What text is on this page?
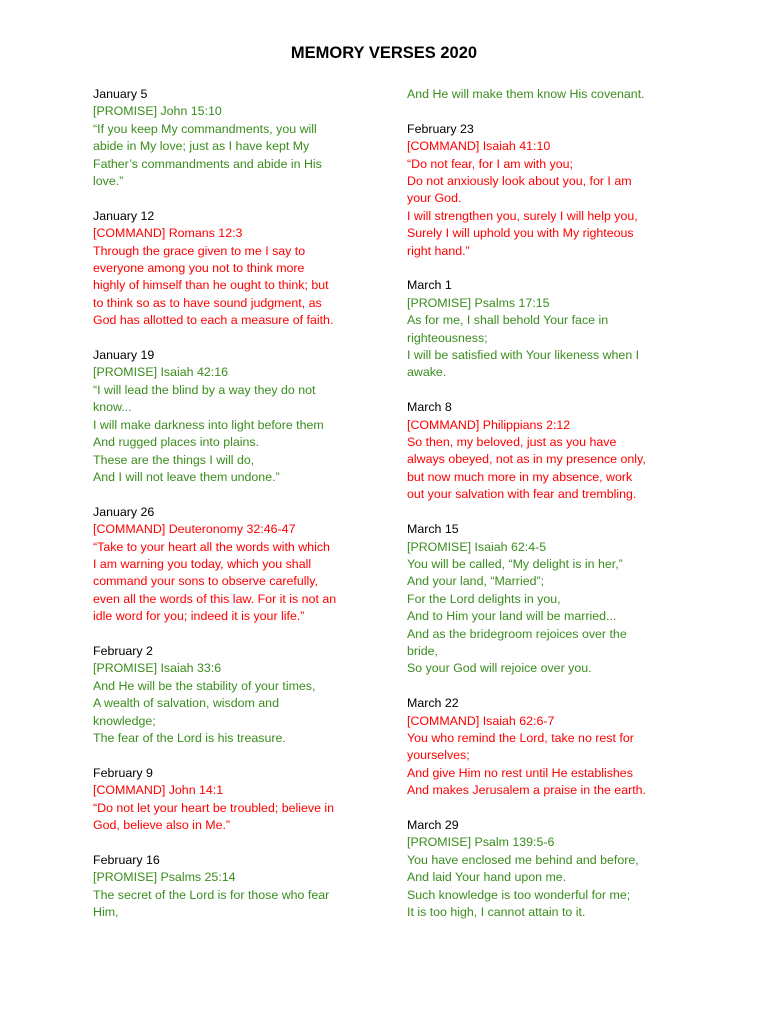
MEMORY VERSES 2020
January 5
[PROMISE] John 15:10
“If you keep My commandments, you will
abide in My love; just as I have kept My
Father’s commandments and abide in His
love.”
January 12
[COMMAND] Romans 12:3
Through the grace given to me I say to
everyone among you not to think more
highly of himself than he ought to think; but
to think so as to have sound judgment, as
God has allotted to each a measure of faith.
January 19
[PROMISE] Isaiah 42:16
“I will lead the blind by a way they do not
know...
I will make darkness into light before them
And rugged places into plains.
These are the things I will do,
And I will not leave them undone.”
January 26
[COMMAND] Deuteronomy 32:46-47
“Take to your heart all the words with which
I am warning you today, which you shall
command your sons to observe carefully,
even all the words of this law. For it is not an
idle word for you; indeed it is your life.”
February 2
[PROMISE] Isaiah 33:6
And He will be the stability of your times,
A wealth of salvation, wisdom and
knowledge;
The fear of the Lord is his treasure.
February 9
[COMMAND] John 14:1
“Do not let your heart be troubled; believe in
God, believe also in Me.”
February 16
[PROMISE] Psalms 25:14
The secret of the Lord is for those who fear
Him,
And He will make them know His covenant.
February 23
[COMMAND] Isaiah 41:10
“Do not fear, for I am with you;
Do not anxiously look about you, for I am
your God.
I will strengthen you, surely I will help you,
Surely I will uphold you with My righteous
right hand.”
March 1
[PROMISE] Psalms 17:15
As for me, I shall behold Your face in
righteousness;
I will be satisfied with Your likeness when I
awake.
March 8
[COMMAND] Philippians 2:12
So then, my beloved, just as you have
always obeyed, not as in my presence only,
but now much more in my absence, work
out your salvation with fear and trembling.
March 15
[PROMISE] Isaiah 62:4-5
You will be called, “My delight is in her,”
And your land, “Married”;
For the Lord delights in you,
And to Him your land will be married...
And as the bridegroom rejoices over the
bride,
So your God will rejoice over you.
March 22
[COMMAND] Isaiah 62:6-7
You who remind the Lord, take no rest for
yourselves;
And give Him no rest until He establishes
And makes Jerusalem a praise in the earth.
March 29
[PROMISE] Psalm 139:5-6
You have enclosed me behind and before,
And laid Your hand upon me.
Such knowledge is too wonderful for me;
It is too high, I cannot attain to it.
